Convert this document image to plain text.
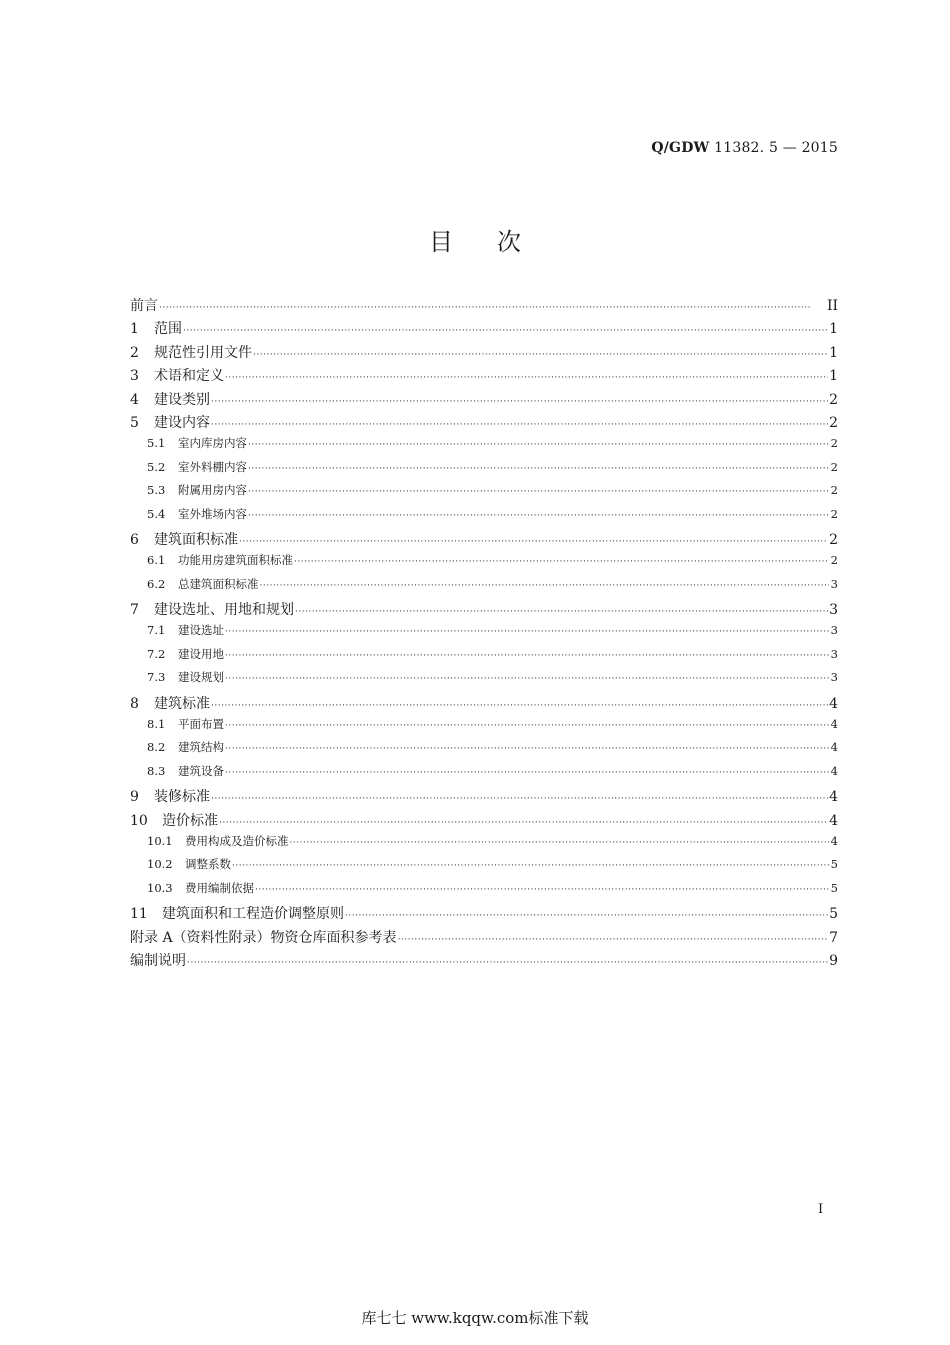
Q/GDW 11382. 5 — 2015
目 次
前言 ·····	II
1	范围 ·····	1
2	规范性引用文件 ·····	1
3	术语和定义 ·····	1
4	建设类别 ·····	2
5	建设内容 ·····	2
5.1	室内库房内容 ·····	2
5.2	室外料棚内容 ·····	2
5.3	附属用房内容 ·····	2
5.4	室外堆场内容 ·····	2
6	建筑面积标准 ·····	2
6.1	功能用房建筑面积标准 ·····	2
6.2	总建筑面积标准 ·····	3
7	建设选址、用地和规划 ·····	3
7.1	建设选址 ·····	3
7.2	建设用地 ·····	3
7.3	建设规划 ·····	3
8	建筑标准 ·····	4
8.1	平面布置 ·····	4
8.2	建筑结构 ·····	4
8.3	建筑设备 ·····	4
9	装修标准 ·····	4
10	造价标准 ·····	4
10.1	费用构成及造价标准 ·····	4
10.2	调整系数 ·····	5
10.3	费用编制依据 ·····	5
11	建筑面积和工程造价调整原则 ·····	5
附录 A（资料性附录）物资仓库面积参考表 ·····	7
编制说明 ·····	9
I
库七七 www.kqqw.com标准下载
